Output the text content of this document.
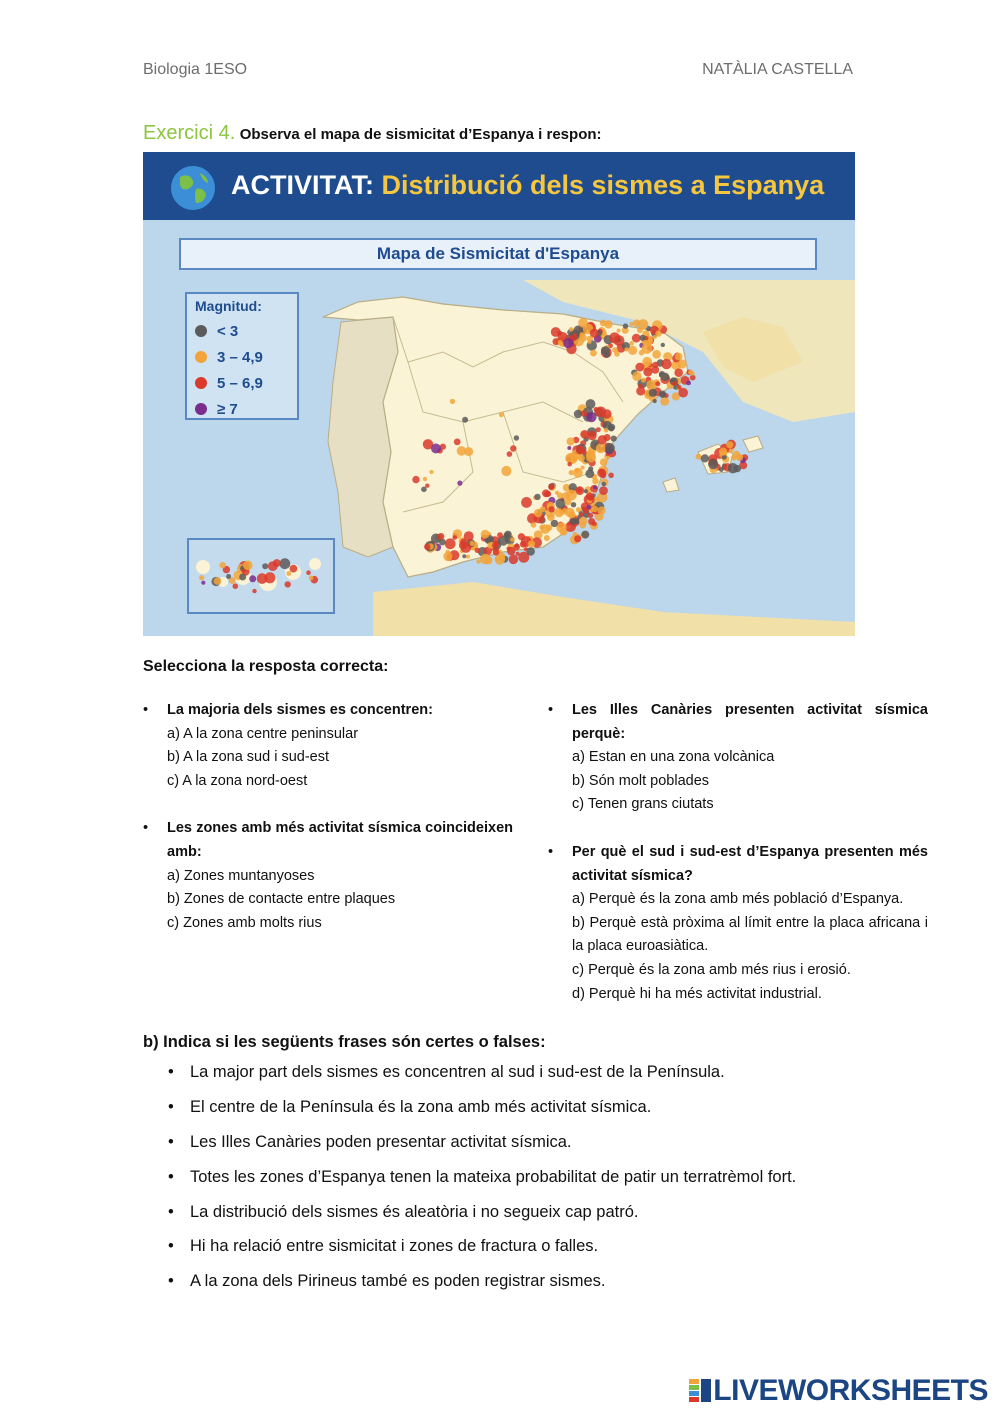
Biologia 1ESO	NATÀLIA CASTELLA
Exercici 4. Observa el mapa de sismicitat d’Espanya i respon:
ACTIVITAT: Distribució dels sismes a Espanya
Mapa de Sismicitat d'Espanya
Magnitud:
< 3
3 – 4,9
5 – 6,9
≥ 7
Selecciona la resposta correcta:
• La majoria dels sismes es concentren:
a) A la zona centre peninsular
b) A la zona sud i sud-est
c) A la zona nord-oest
• Les zones amb més activitat sísmica coincideixen amb:
a) Zones muntanyoses
b) Zones de contacte entre plaques
c) Zones amb molts rius
• Les Illes Canàries presenten activitat sísmica perquè:
a) Estan en una zona volcànica
b) Són molt poblades
c) Tenen grans ciutats
• Per què el sud i sud-est d’Espanya presenten més activitat sísmica?
a) Perquè és la zona amb més població d’Espanya.
b) Perquè està pròxima al límit entre la placa africana i la placa euroasiàtica.
c) Perquè és la zona amb més rius i erosió.
d) Perquè hi ha més activitat industrial.
b) Indica si les següents frases són certes o falses:
• La major part dels sismes es concentren al sud i sud-est de la Península.
• El centre de la Península és la zona amb més activitat sísmica.
• Les Illes Canàries poden presentar activitat sísmica.
• Totes les zones d’Espanya tenen la mateixa probabilitat de patir un terratrèmol fort.
• La distribució dels sismes és aleatòria i no segueix cap patró.
• Hi ha relació entre sismicitat i zones de fractura o falles.
• A la zona dels Pirineus també es poden registrar sismes.
LIVEWORKSHEETS
